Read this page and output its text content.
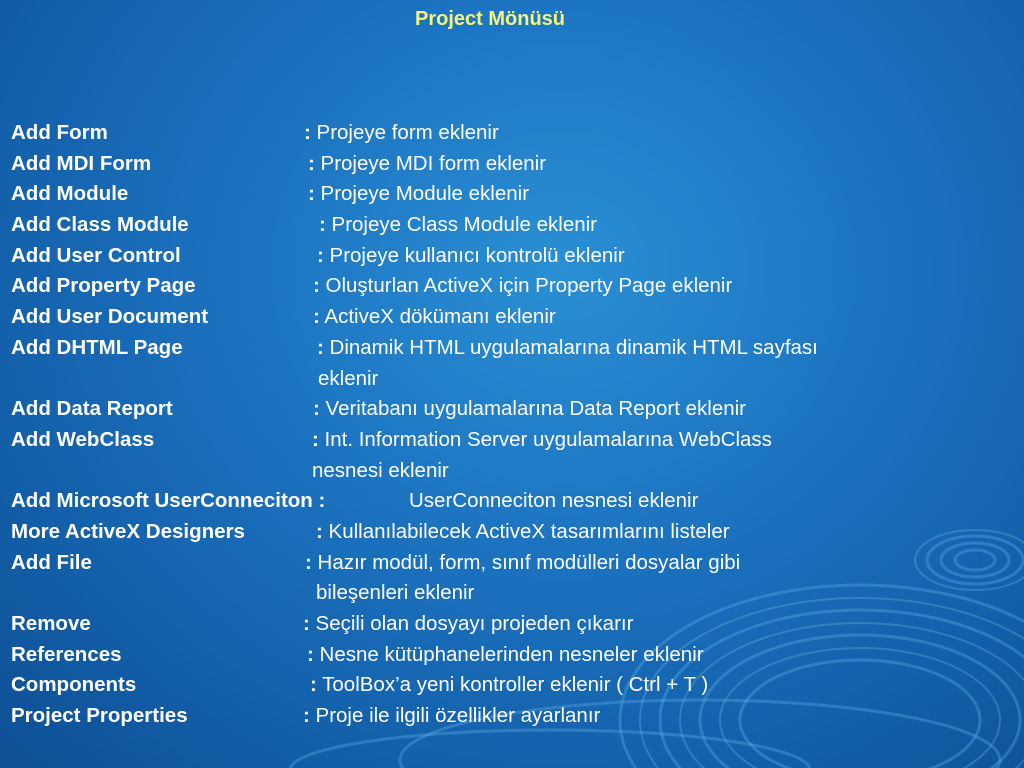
Project Mönüsü
Add Form	: Projeye form eklenir
Add MDI Form	: Projeye MDI form eklenir
Add Module	: Projeye Module eklenir
Add Class Module	: Projeye Class Module eklenir
Add User Control	: Projeye kullanıcı kontrolü eklenir
Add Property Page	: Oluşturlan ActiveX için Property Page eklenir
Add User Document	: ActiveX dökümanı eklenir
Add DHTML Page	: Dinamik HTML uygulamalarına dinamik HTML sayfası
eklenir
Add Data Report	: Veritabanı uygulamalarına Data Report eklenir
Add WebClass	: Int. Information Server uygulamalarına WebClass
nesnesi eklenir
Add Microsoft UserConneciton :	UserConneciton nesnesi eklenir
More ActiveX Designers	: Kullanılabilecek ActiveX tasarımlarını listeler
Add File	: Hazır modül, form, sınıf modülleri dosyalar gibi
bileşenleri eklenir
Remove	: Seçili olan dosyayı projeden çıkarır
References	: Nesne kütüphanelerinden nesneler eklenir
Components	: ToolBox’a yeni kontroller eklenir ( Ctrl + T )
Project Properties	: Proje ile ilgili özellikler ayarlanır
